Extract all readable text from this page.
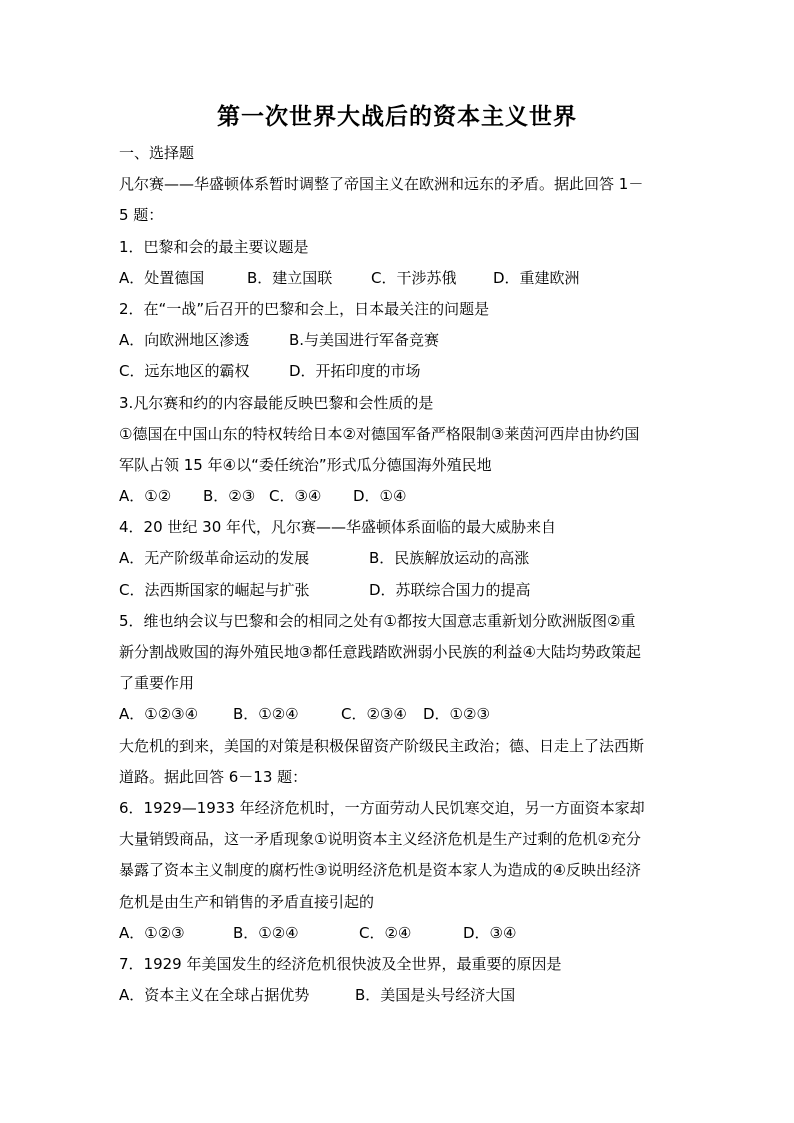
第一次世界大战后的资本主义世界
一、选择题
凡尔赛——华盛顿体系暂时调整了帝国主义在欧洲和远东的矛盾。据此回答 1－
5 题：
1．巴黎和会的最主要议题是
A．处置德国	B．建立国联	C．干涉苏俄 D．重建欧洲
2．在“一战”后召开的巴黎和会上，日本最关注的问题是
A．向欧洲地区渗透	B.与美国进行军备竞赛
C．远东地区的霸权	D．开拓印度的市场
3.凡尔赛和约的内容最能反映巴黎和会性质的是
①德国在中国山东的特权转给日本②对德国军备严格限制③莱茵河西岸由协约国
军队占领 15 年④以“委任统治”形式瓜分德国海外殖民地
A．①② B．②③ C．③④ D．①④
4．20 世纪 30 年代，凡尔赛——华盛顿体系面临的最大威胁来自
A．无产阶级革命运动的发展	B．民族解放运动的高涨
C．法西斯国家的崛起与扩张	D．苏联综合国力的提高
5．维也纳会议与巴黎和会的相同之处有①都按大国意志重新划分欧洲版图②重
新分割战败国的海外殖民地③都任意践踏欧洲弱小民族的利益④大陆均势政策起
了重要作用
A．①②③④ B．①②④	C．②③④ D．①②③
大危机的到来，美国的对策是积极保留资产阶级民主政治；德、日走上了法西斯
道路。据此回答 6－13 题：
6．1929—1933 年经济危机时，一方面劳动人民饥寒交迫，另一方面资本家却
大量销毁商品，这一矛盾现象①说明资本主义经济危机是生产过剩的危机②充分
暴露了资本主义制度的腐朽性③说明经济危机是资本家人为造成的④反映出经济
危机是由生产和销售的矛盾直接引起的
A．①②③	B．①②④	C．②④	D．③④
7．1929 年美国发生的经济危机很快波及全世界，最重要的原因是
A．资本主义在全球占据优势	B．美国是头号经济大国
